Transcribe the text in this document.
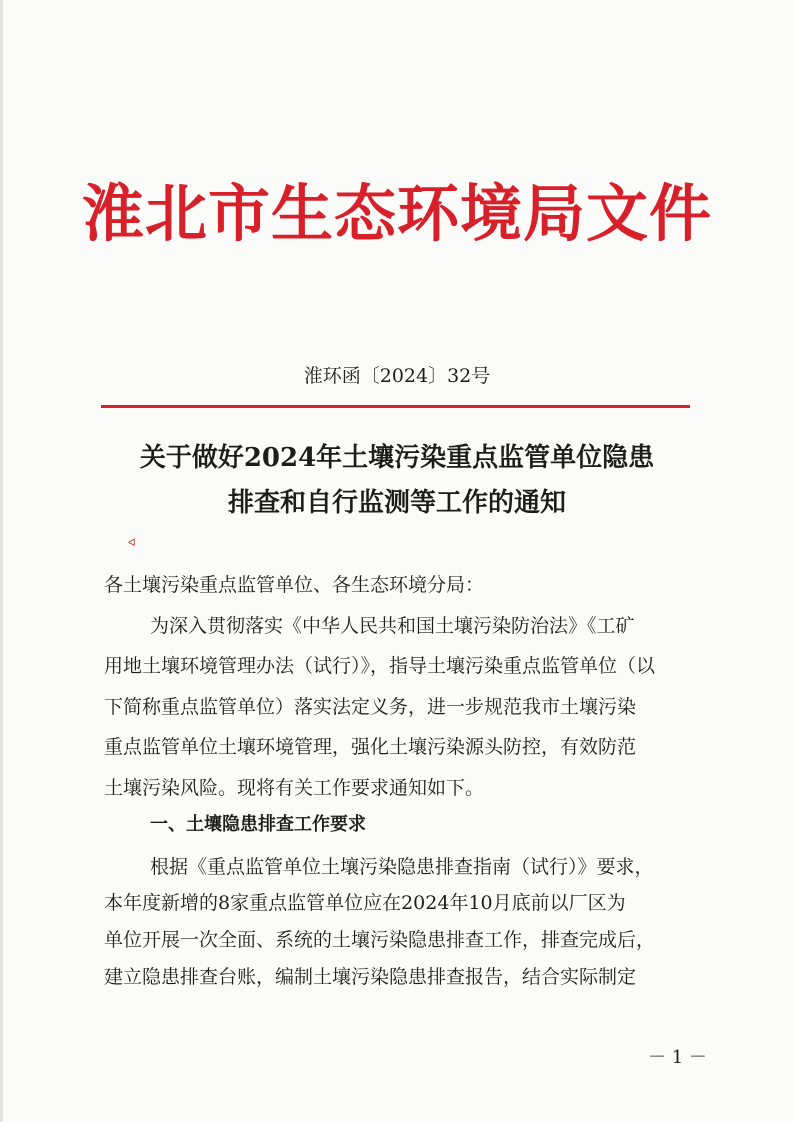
淮北市生态环境局文件
淮环函〔2024〕32号
关于做好2024年土壤污染重点监管单位隐患
排查和自行监测等工作的通知
ᐊ
各土壤污染重点监管单位、各生态环境分局：
为深入贯彻落实《中华人民共和国土壤污染防治法》《工矿
用地土壤环境管理办法（试行）》，指导土壤污染重点监管单位（以
下简称重点监管单位）落实法定义务，进一步规范我市土壤污染
重点监管单位土壤环境管理，强化土壤污染源头防控，有效防范
土壤污染风险。现将有关工作要求通知如下。
一、土壤隐患排查工作要求
根据《重点监管单位土壤污染隐患排查指南（试行）》要求，
本年度新增的8家重点监管单位应在2024年10月底前以厂区为
单位开展一次全面、系统的土壤污染隐患排查工作，排查完成后，
建立隐患排查台账，编制土壤污染隐患排查报告，结合实际制定
－ 1 －
